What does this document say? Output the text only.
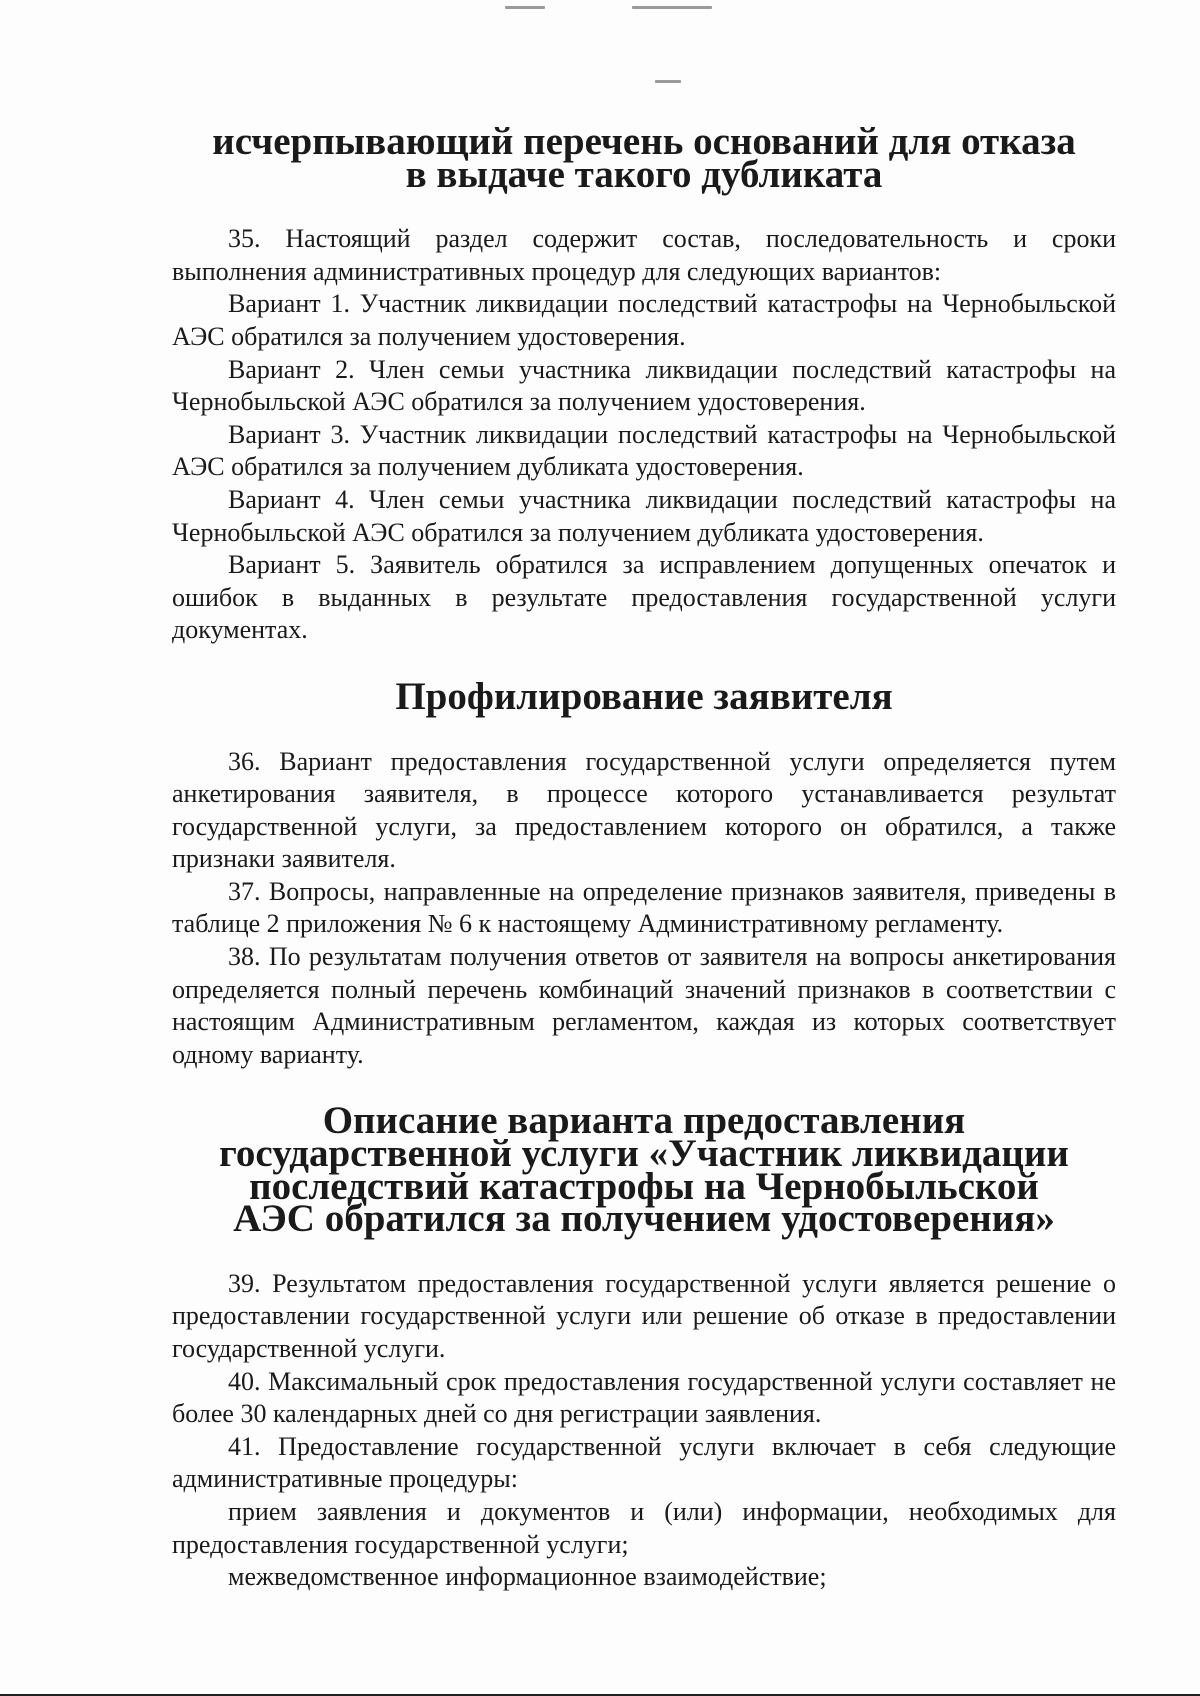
исчерпывающий перечень оснований для отказа в выдаче такого дубликата

35. Настоящий раздел содержит состав, последовательность и сроки выполнения административных процедур для следующих вариантов:

Вариант 1. Участник ликвидации последствий катастрофы на Чернобыльской АЭС обратился за получением удостоверения.

Вариант 2. Член семьи участника ликвидации последствий катастрофы на Чернобыльской АЭС обратился за получением удостоверения.

Вариант 3. Участник ликвидации последствий катастрофы на Чернобыльской АЭС обратился за получением дубликата удостоверения.

Вариант 4. Член семьи участника ликвидации последствий катастрофы на Чернобыльской АЭС обратился за получением дубликата удостоверения.

Вариант 5. Заявитель обратился за исправлением допущенных опечаток и ошибок в выданных в результате предоставления государственной услуги документах.

Профилирование заявителя

36. Вариант предоставления государственной услуги определяется путем анкетирования заявителя, в процессе которого устанавливается результат государственной услуги, за предоставлением которого он обратился, а также признаки заявителя.

37. Вопросы, направленные на определение признаков заявителя, приведены в таблице 2 приложения № 6 к настоящему Административному регламенту.

38. По результатам получения ответов от заявителя на вопросы анкетирования определяется полный перечень комбинаций значений признаков в соответствии с настоящим Административным регламентом, каждая из которых соответствует одному варианту.

Описание варианта предоставления государственной услуги «Участник ликвидации последствий катастрофы на Чернобыльской АЭС обратился за получением удостоверения»

39. Результатом предоставления государственной услуги является решение о предоставлении государственной услуги или решение об отказе в предоставлении государственной услуги.

40. Максимальный срок предоставления государственной услуги составляет не более 30 календарных дней со дня регистрации заявления.

41. Предоставление государственной услуги включает в себя следующие административные процедуры:

прием заявления и документов и (или) информации, необходимых для предоставления государственной услуги;

межведомственное информационное взаимодействие;
